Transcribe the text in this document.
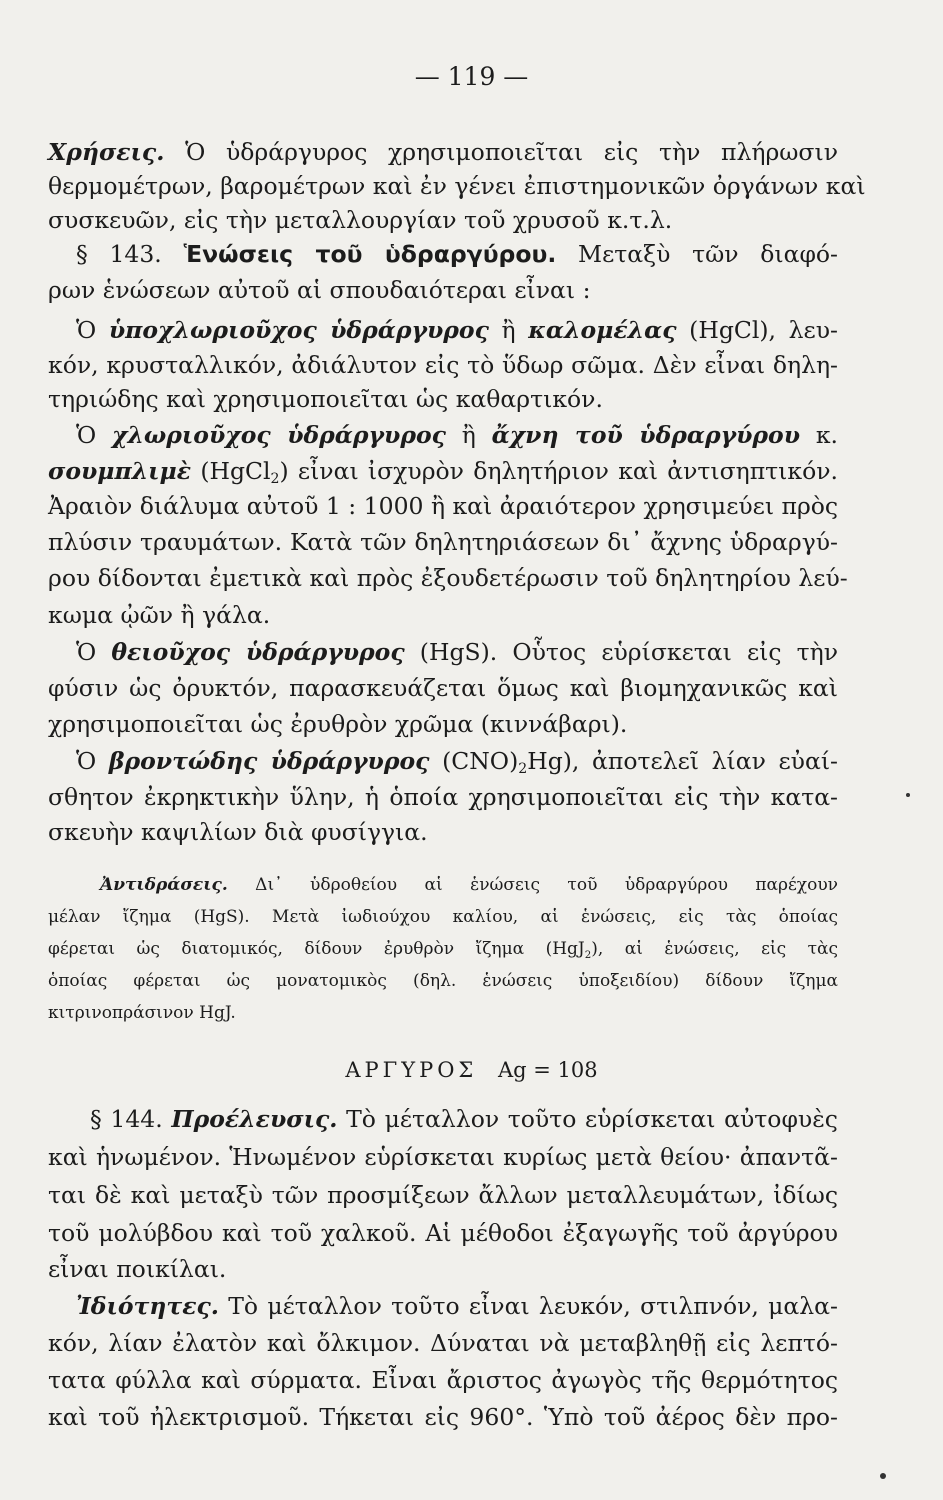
— 119 —
Χρήσεις. Ὁ ὑδράργυρος χρησιμοποιεῖται εἰς τὴν πλήρωσιν
θερμομέτρων, βαρομέτρων καὶ ἐν γένει ἐπιστημονικῶν ὀργάνων καὶ
συσκευῶν, εἰς τὴν μεταλλουργίαν τοῦ χρυσοῦ κ.τ.λ.
§ 143. Ἑνώσεις τοῦ ὑδραργύρου. Μεταξὺ τῶν διαφό-
ρων ἑνώσεων αὐτοῦ αἱ σπουδαιότεραι εἶναι :
Ὁ ὑποχλωριοῦχος ὑδράργυρος ἢ καλομέλας (HgCl), λευ-
κόν, κρυσταλλικόν, ἀδιάλυτον εἰς τὸ ὕδωρ σῶμα. Δὲν εἶναι δηλη-
τηριώδης καὶ χρησιμοποιεῖται ὡς καθαρτικόν.
Ὁ χλωριοῦχος ὑδράργυρος ἢ ἄχνη τοῦ ὑδραργύρου κ.
σουμπλιμὲ (HgCl$_2$) εἶναι ἰσχυρὸν δηλητήριον καὶ ἀντισηπτικόν.
Ἀραιὸν διάλυμα αὐτοῦ 1 : 1000 ἢ καὶ ἀραιότερον χρησιμεύει πρὸς
πλύσιν τραυμάτων. Κατὰ τῶν δηλητηριάσεων δι᾽ ἄχνης ὑδραργύ-
ρου δίδονται ἐμετικὰ καὶ πρὸς ἐξουδετέρωσιν τοῦ δηλητηρίου λεύ-
κωμα ᾠῶν ἢ γάλα.
Ὁ θειοῦχος ὑδράργυρος (HgS). Οὗτος εὑρίσκεται εἰς τὴν
φύσιν ὡς ὀρυκτόν, παρασκευάζεται ὅμως καὶ βιομηχανικῶς καὶ
χρησιμοποιεῖται ὡς ἐρυθρὸν χρῶμα (κιννάβαρι).
Ὁ βροντώδης ὑδράργυρος $(CNO)_2Hg$), ἀποτελεῖ λίαν εὐαί-
σθητον ἐκρηκτικὴν ὕλην, ἡ ὁποία χρησιμοποιεῖται εἰς τὴν κατα-
σκευὴν καψιλίων διὰ φυσίγγια.
Ἀντιδράσεις. Δι᾽ ὑδροθείου αἱ ἑνώσεις τοῦ ὑδραργύρου παρέχουν
μέλαν ἴζημα (HgS). Μετὰ ἰωδιούχου καλίου, αἱ ἑνώσεις, εἰς τὰς ὁποίας
φέρεται ὡς διατομικός, δίδουν ἐρυθρὸν ἴζημα (HgJ$_2$), αἱ ἑνώσεις, εἰς τὰς
ὁποίας φέρεται ὡς μονατομικὸς (δηλ. ἑνώσεις ὑποξειδίου) δίδουν ἴζημα
κιτρινοπράσινον HgJ.
ΑΡΓΥΡΟΣ Ag = 108
§ 144. Προέλευσις. Τὸ μέταλλον τοῦτο εὑρίσκεται αὐτοφυὲς
καὶ ἡνωμένον. Ἡνωμένον εὑρίσκεται κυρίως μετὰ θείου· ἀπαντᾶ-
ται δὲ καὶ μεταξὺ τῶν προσμίξεων ἄλλων μεταλλευμάτων, ἰδίως
τοῦ μολύβδου καὶ τοῦ χαλκοῦ. Αἱ μέθοδοι ἐξαγωγῆς τοῦ ἀργύρου
εἶναι ποικίλαι.
Ἰδιότητες. Τὸ μέταλλον τοῦτο εἶναι λευκόν, στιλπνόν, μαλα-
κόν, λίαν ἐλατὸν καὶ ὄλκιμον. Δύναται νὰ μεταβληθῇ εἰς λεπτό-
τατα φύλλα καὶ σύρματα. Εἶναι ἄριστος ἀγωγὸς τῆς θερμότητος
καὶ τοῦ ἠλεκτρισμοῦ. Τήκεται εἰς 960°. Ὑπὸ τοῦ ἀέρος δὲν προ-
